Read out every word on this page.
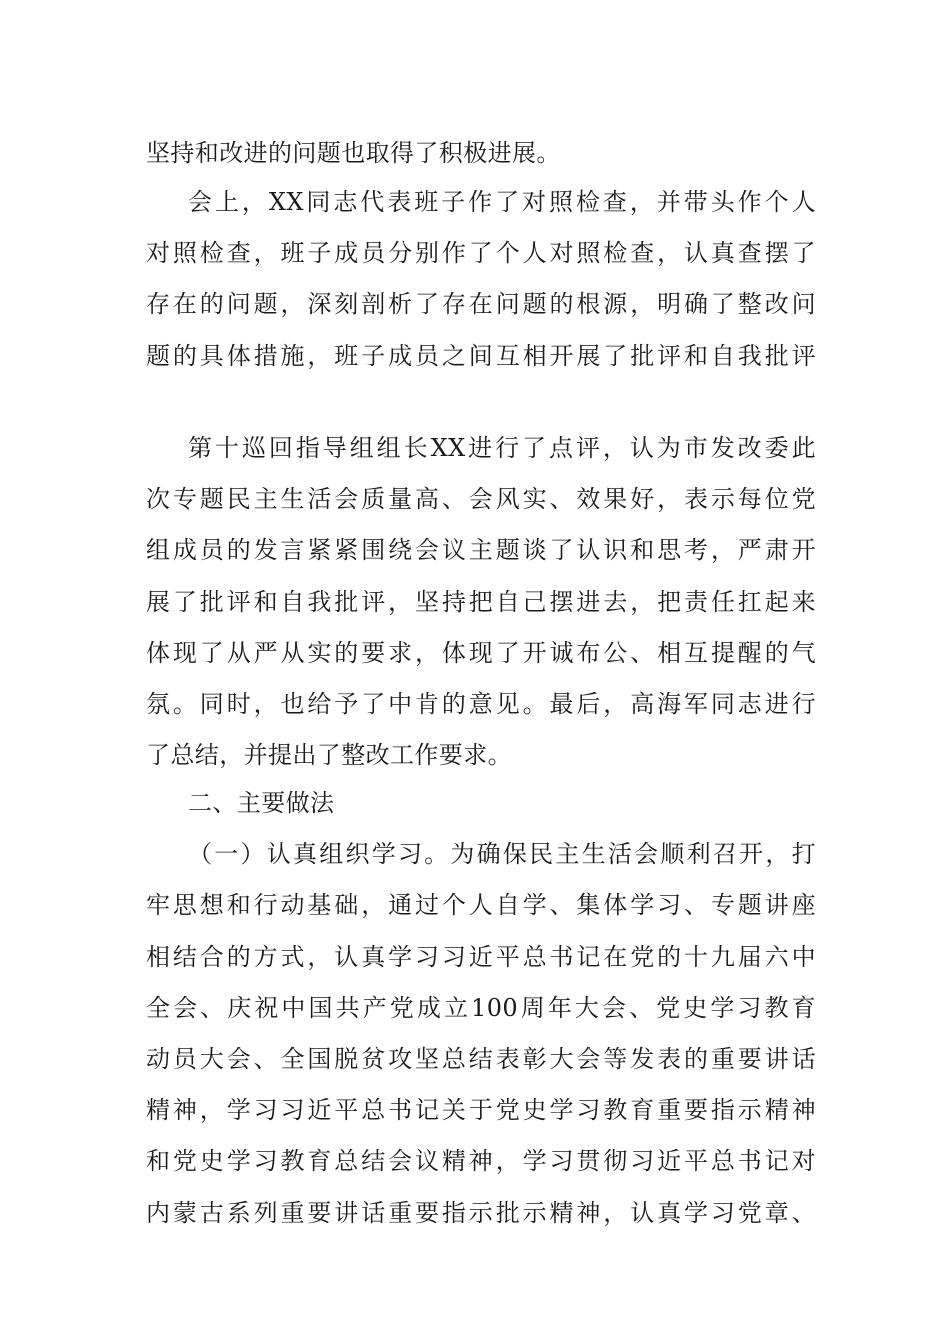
坚持和改进的问题也取得了积极进展。
会上，XX同志代表班子作了对照检查，并带头作个人
对照检查，班子成员分别作了个人对照检查，认真查摆了
存在的问题，深刻剖析了存在问题的根源，明确了整改问
题的具体措施，班子成员之间互相开展了批评和自我批评
第十巡回指导组组长XX进行了点评，认为市发改委此
次专题民主生活会质量高、会风实、效果好，表示每位党
组成员的发言紧紧围绕会议主题谈了认识和思考，严肃开
展了批评和自我批评，坚持把自己摆进去，把责任扛起来
体现了从严从实的要求，体现了开诚布公、相互提醒的气
氛。同时，也给予了中肯的意见。最后，高海军同志进行
了总结，并提出了整改工作要求。
二、主要做法
（一）认真组织学习。为确保民主生活会顺利召开，打
牢思想和行动基础，通过个人自学、集体学习、专题讲座
相结合的方式，认真学习习近平总书记在党的十九届六中
全会、庆祝中国共产党成立100周年大会、党史学习教育
动员大会、全国脱贫攻坚总结表彰大会等发表的重要讲话
精神，学习习近平总书记关于党史学习教育重要指示精神
和党史学习教育总结会议精神，学习贯彻习近平总书记对
内蒙古系列重要讲话重要指示批示精神，认真学习党章、
